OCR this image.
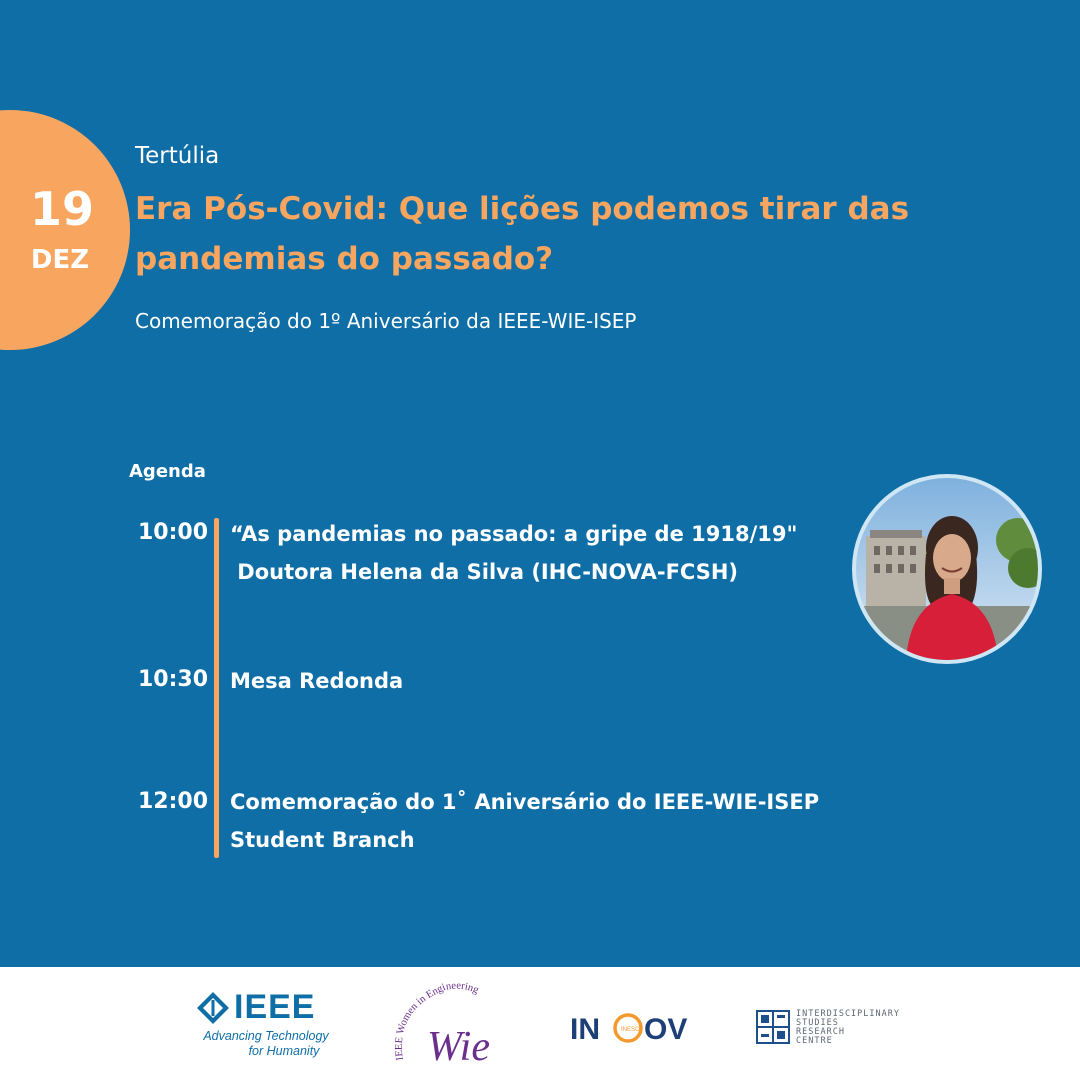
19
DEZ
Tertúlia
Era Pós-Covid: Que lições podemos tirar das
pandemias do passado?
Comemoração do 1º Aniversário da IEEE-WIE-ISEP
Agenda
10:00 “As pandemias no passado: a gripe de 1918/19"
Doutora Helena da Silva (IHC-NOVA-FCSH)
10:30 Mesa Redonda
12:00 Comemoração do 1˚ Aniversário do IEEE-WIE-ISEP
Student Branch
IEEE
Advancing Technology
for Humanity
IEEE Women in Engineering
Wie	IN	INESC OV	INTERDISCIPLINARY
STUDIES
RESEARCH
CENTRE
